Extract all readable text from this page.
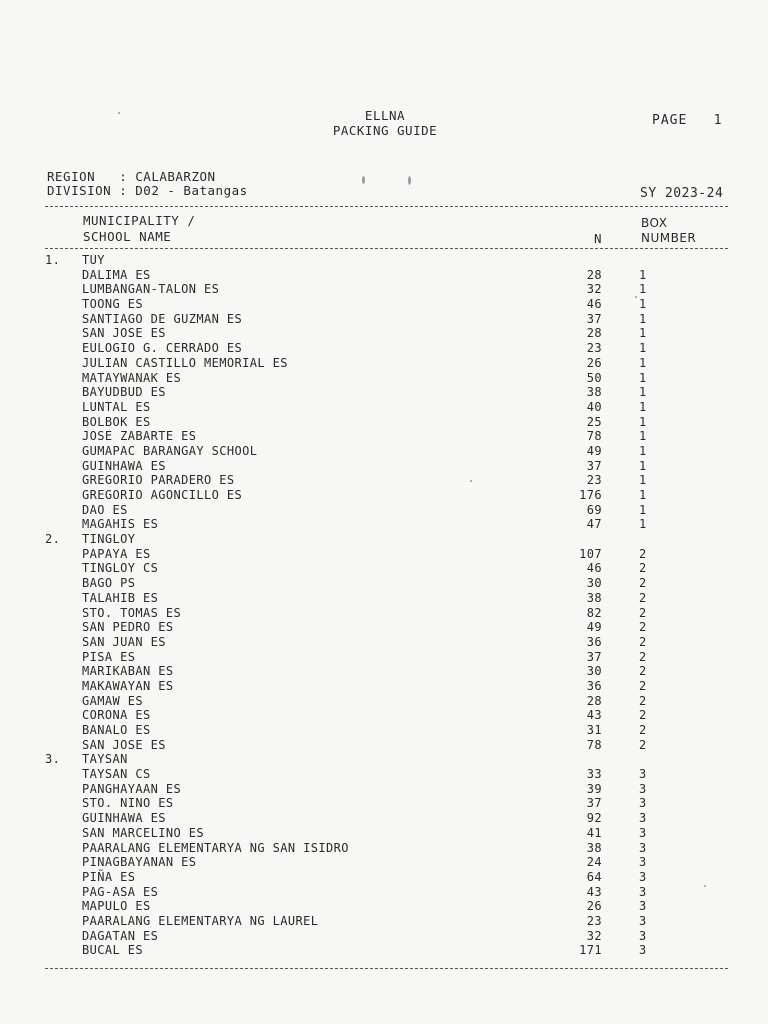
ELLNA
PACKING GUIDE
PAGE   1
REGION   : CALABARZON
DIVISION : D02 - Batangas	SY 2023-24
MUNICIPALITY /
SCHOOL NAME	N
BOX
NUMBER
1. TUY
DALIMA ES	28	1
LUMBANGAN-TALON ES	32	1
TOONG ES	46	1
SANTIAGO DE GUZMAN ES	37	1
SAN JOSE ES	28	1
EULOGIO G. CERRADO ES	23	1
JULIAN CASTILLO MEMORIAL ES	26	1
MATAYWANAK ES	50	1
BAYUDBUD ES	38	1
LUNTAL ES	40	1
BOLBOK ES	25	1
JOSE ZABARTE ES	78	1
GUMAPAC BARANGAY SCHOOL	49	1
GUINHAWA ES	37	1
GREGORIO PARADERO ES	23	1
GREGORIO AGONCILLO ES	176	1
DAO ES	69	1
MAGAHIS ES	47	1
2. TINGLOY
PAPAYA ES	107	2
TINGLOY CS	46	2
BAGO PS	30	2
TALAHIB ES	38	2
STO. TOMAS ES	82	2
SAN PEDRO ES	49	2
SAN JUAN ES	36	2
PISA ES	37	2
MARIKABAN ES	30	2
MAKAWAYAN ES	36	2
GAMAW ES	28	2
CORONA ES	43	2
BANALO ES	31	2
SAN JOSE ES	78	2
3. TAYSAN
TAYSAN CS	33	3
PANGHAYAAN ES	39	3
STO. NINO ES	37	3
GUINHAWA ES	92	3
SAN MARCELINO ES	41	3
PAARALANG ELEMENTARYA NG SAN ISIDRO	38	3
PINAGBAYANAN ES	24	3
PIÑA ES	64	3
PAG-ASA ES	43	3
MAPULO ES	26	3
PAARALANG ELEMENTARYA NG LAUREL	23	3
DAGATAN ES	32	3
BUCAL ES	171	3
